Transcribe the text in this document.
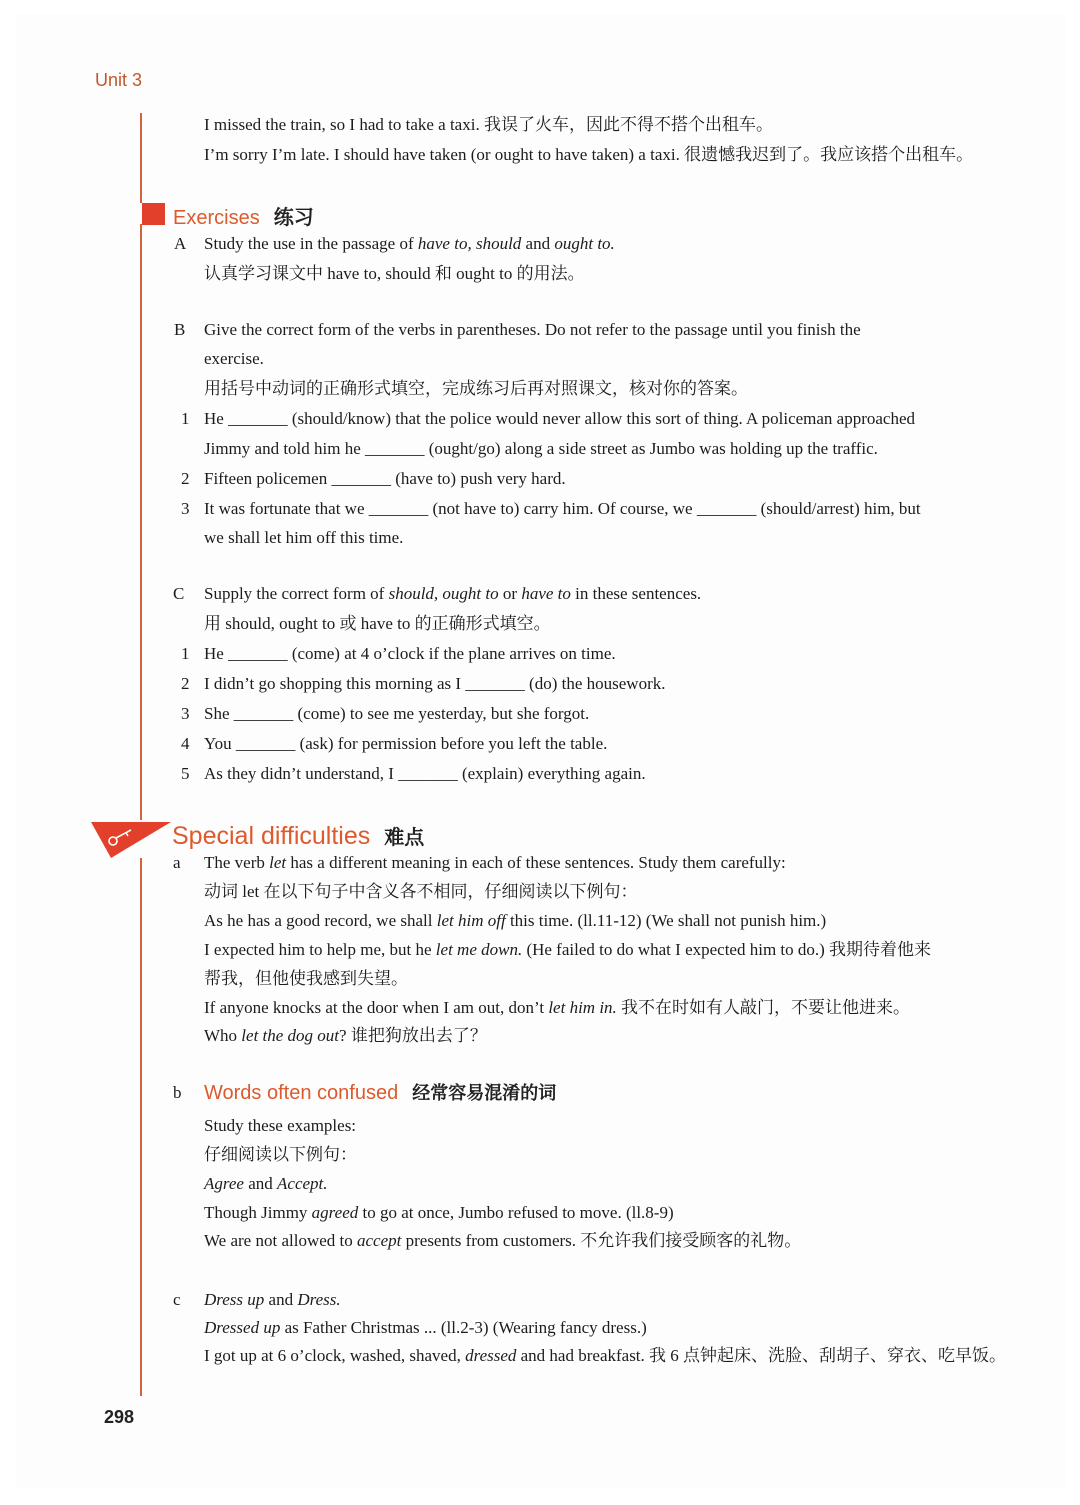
Unit 3
I missed the train, so I had to take a taxi. 我误了火车，因此不得不搭个出租车。
I’m sorry I’m late. I should have taken (or ought to have taken) a taxi. 很遗憾我迟到了。我应该搭个出租车。
Exercises 练习
A Study the use in the passage of have to, should and ought to.
认真学习课文中 have to, should 和 ought to 的用法。
B Give the correct form of the verbs in parentheses. Do not refer to the passage until you finish the
exercise.
用括号中动词的正确形式填空，完成练习后再对照课文，核对你的答案。
1 He _______ (should/know) that the police would never allow this sort of thing. A policeman approached
Jimmy and told him he _______ (ought/go) along a side street as Jumbo was holding up the traffic.
2 Fifteen policemen _______ (have to) push very hard.
3 It was fortunate that we _______ (not have to) carry him. Of course, we _______ (should/arrest) him, but
we shall let him off this time.
C Supply the correct form of should, ought to or have to in these sentences.
用 should, ought to 或 have to 的正确形式填空。
1 He _______ (come) at 4 o’clock if the plane arrives on time.
2 I didn’t go shopping this morning as I _______ (do) the housework.
3 She _______ (come) to see me yesterday, but she forgot.
4 You _______ (ask) for permission before you left the table.
5 As they didn’t understand, I _______ (explain) everything again.
Special difficulties 难点
a The verb let has a different meaning in each of these sentences. Study them carefully:
动词 let 在以下句子中含义各不相同，仔细阅读以下例句：
As he has a good record, we shall let him off this time. (ll.11-12) (We shall not punish him.)
I expected him to help me, but he let me down. (He failed to do what I expected him to do.) 我期待着他来
帮我，但他使我感到失望。
If anyone knocks at the door when I am out, don’t let him in. 我不在时如有人敲门，不要让他进来。
Who let the dog out? 谁把狗放出去了？
b Words often confused 经常容易混淆的词
Study these examples:
仔细阅读以下例句：
Agree and Accept.
Though Jimmy agreed to go at once, Jumbo refused to move. (ll.8-9)
We are not allowed to accept presents from customers. 不允许我们接受顾客的礼物。
c Dress up and Dress.
Dressed up as Father Christmas ... (ll.2-3) (Wearing fancy dress.)
I got up at 6 o’clock, washed, shaved, dressed and had breakfast. 我 6 点钟起床、洗脸、刮胡子、穿衣、吃早饭。
298
